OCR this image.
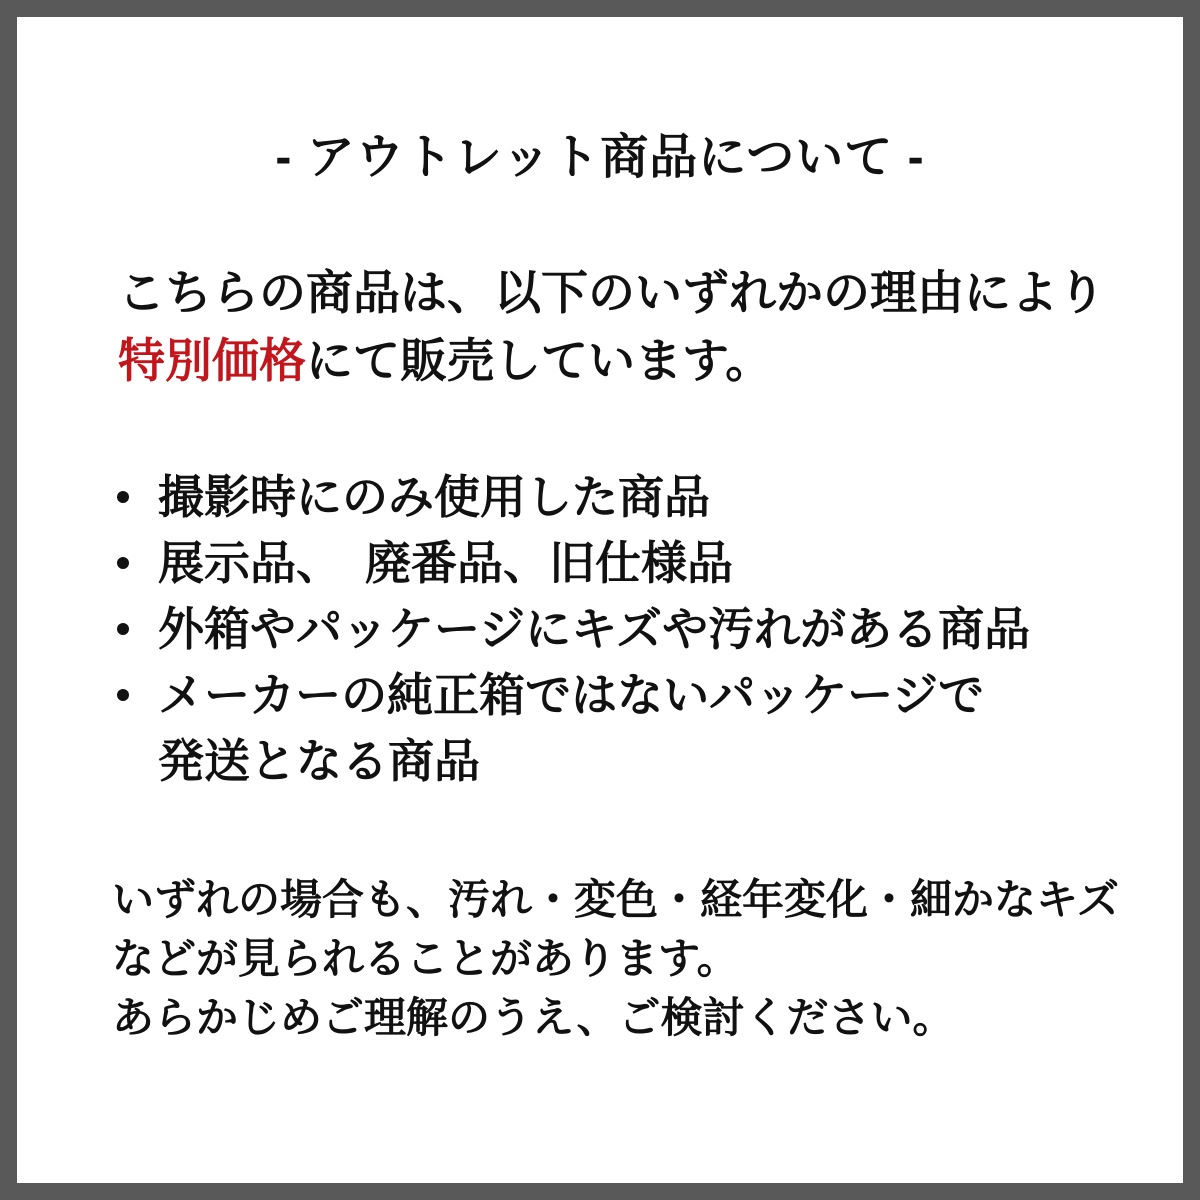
- アウトレット商品について -
こちらの商品は、以下のいずれかの理由により
特別価格にて販売しています。
撮影時にのみ使用した商品
展示品、　廃番品、旧仕様品
外箱やパッケージにキズや汚れがある商品
メーカーの純正箱ではないパッケージで
発送となる商品
いずれの場合も、汚れ・変色・経年変化・細かなキズ
などが見られることがあります。
あらかじめご理解のうえ、ご検討ください。
